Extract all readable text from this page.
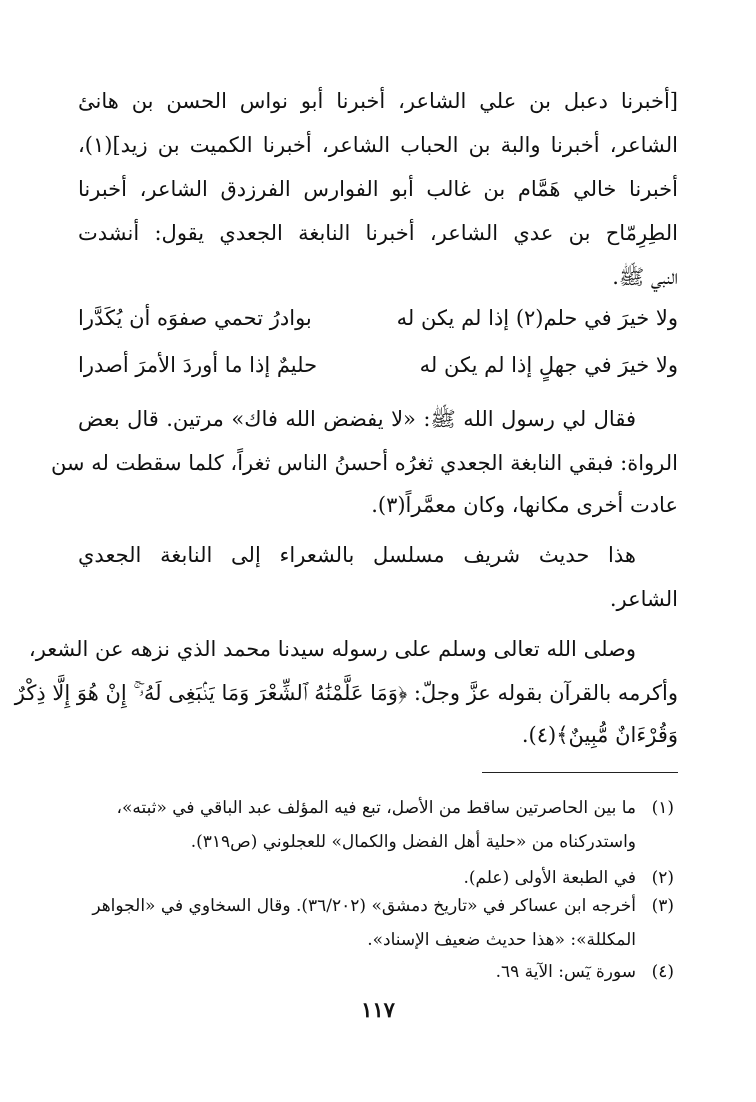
[أخبرنا دعبل بن علي الشاعر، أخبرنا أبو نواس الحسن بن هانئ
الشاعر، أخبرنا والبة بن الحباب الشاعر، أخبرنا الكميت بن زيد](١)،
أخبرنا خالي هَمَّام بن غالب أبو الفوارس الفرزدق الشاعر، أخبرنا
الطِرِمّاح بن عدي الشاعر، أخبرنا النابغة الجعدي يقول: أنشدت
النبي ﷺ.
ولا خيرَ في حلم(٢) إذا لم يكن له
بوادرُ تحمي صفوَه أن يُكَدَّرا
ولا خيرَ في جهلٍ إذا لم يكن له
حليمٌ إذا ما أوردَ الأمرَ أصدرا
فقال لي رسول الله ﷺ: «لا يفضض الله فاك» مرتين. قال بعض
الرواة: فبقي النابغة الجعدي ثغرُه أحسنُ الناس ثغراً، كلما سقطت له سن
عادت أخرى مكانها، وكان معمَّراً(٣).
هذا حديث شريف مسلسل بالشعراء إلى النابغة الجعدي
الشاعر.
وصلى الله تعالى وسلم على رسوله سيدنا محمد الذي نزهه عن الشعر،
وأكرمه بالقرآن بقوله عزَّ وجلّ: ﴿وَمَا عَلَّمْنَٰهُ ٱلشِّعْرَ وَمَا يَنۢبَغِى لَهُۥٓ ۚ إِنْ هُوَ إِلَّا ذِكْرٌ
وَقُرْءَانٌ مُّبِينٌ﴾(٤).
(١)ما بين الحاصرتين ساقط من الأصل، تبع فيه المؤلف عبد الباقي في «ثبته»،
واستدركناه من «حلية أهل الفضل والكمال» للعجلوني (ص٣١٩).
(٢)في الطبعة الأولى (علم).
(٣)أخرجه ابن عساكر في «تاريخ دمشق» (٣٦/٢٠٢). وقال السخاوي في «الجواهر
المكللة»: «هذا حديث ضعيف الإسناد».
(٤)سورة يٓس: الآية ٦٩.
١١٧
